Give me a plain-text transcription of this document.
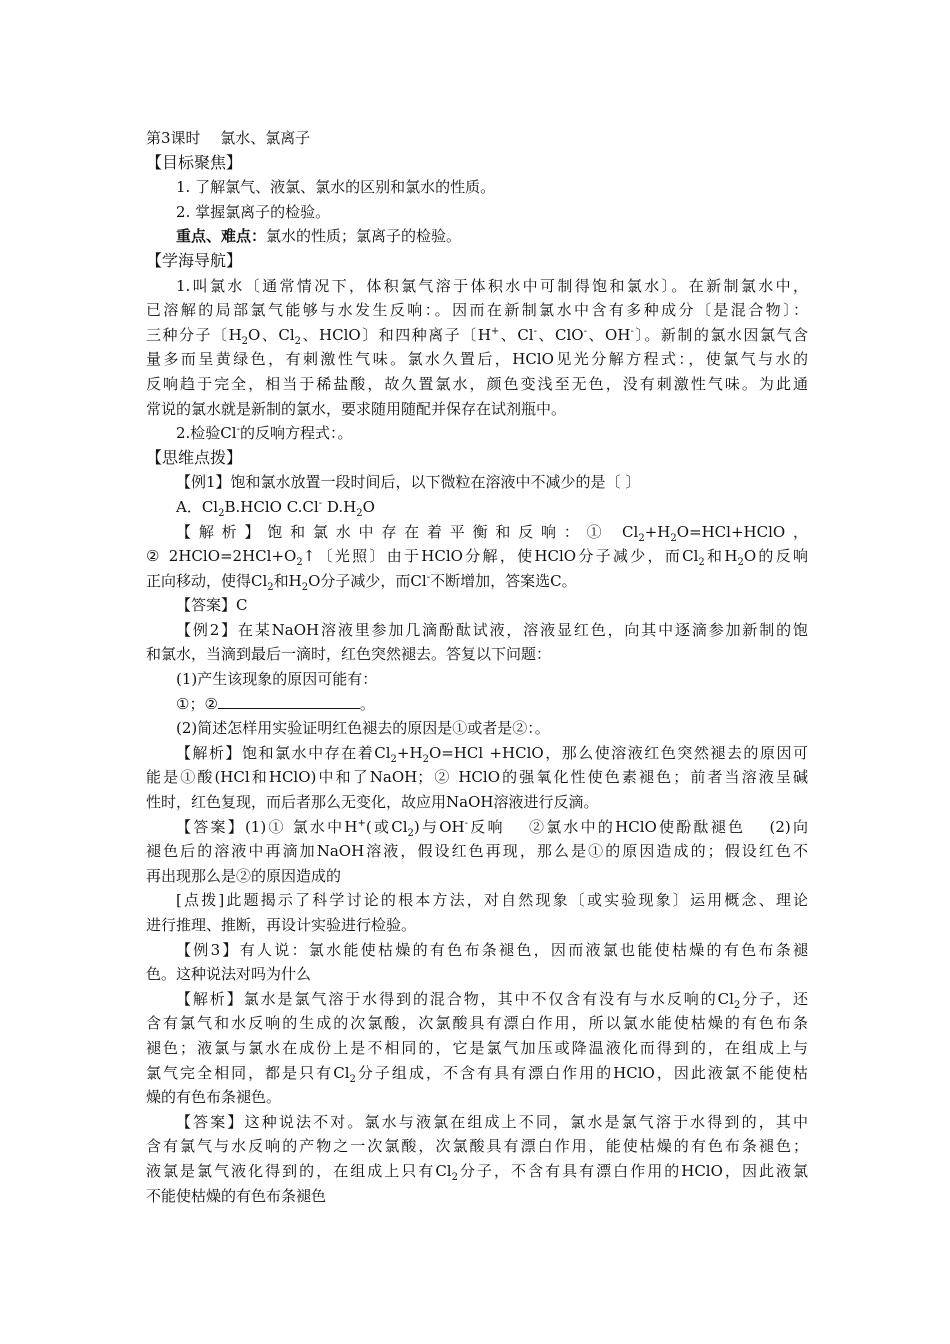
第3课时　 氯水、氯离子
【目标聚焦】
1. 了解氯气、液氯、氯水的区别和氯水的性质。
2. 掌握氯离子的检验。
重点、难点：氯水的性质；氯离子的检验。
【学海导航】
1.叫氯水〔通常情况下，体积氯气溶于体积水中可制得饱和氯水〕。在新制氯水中，
已溶解的局部氯气能够与水发生反响：。因而在新制氯水中含有多种成分〔是混合物〕：
三种分子〔$H_2O$、$Cl_2$、HClO〕和四种离子〔H+、Cl-、ClO-、OH-〕。新制的氯水因氯气含
量多而呈黄绿色，有刺激性气味。氯水久置后，HClO见光分解方程式：，使氯气与水的
反响趋于完全，相当于稀盐酸，故久置氯水，颜色变浅至无色，没有刺激性气味。为此通
常说的氯水就是新制的氯水，要求随用随配并保存在试剂瓶中。
2.检验Cl-的反响方程式：。
【思维点拨】
【例1】饱和氯水放置一段时间后，以下微粒在溶液中不减少的是〔 〕
A．$Cl_2B.HClO$ C.Cl- $D.H_2O$
【解析】饱和氯水中存在着平衡和反响：① $Cl_2+H_2O=HCl+HClO$，
② $2HClO=2HCl+O_2↑$〔光照〕由于HClO分解，使HClO分子减少，而$Cl_2$和$H_2O$的反响
正向移动，使得$Cl_2$和$H_2O$分子减少，而Cl-不断增加，答案选C。
【答案】C
【例2】在某NaOH溶液里参加几滴酚酞试液，溶液显红色，向其中逐滴参加新制的饱
和氯水，当滴到最后一滴时，红色突然褪去。答复以下问题：
(1)产生该现象的原因可能有：
①；②	。
(2)简述怎样用实验证明红色褪去的原因是①或者是②：。
【解析】饱和氯水中存在着$Cl_2+H_2O=HCl$ +HClO，那么使溶液红色突然褪去的原因可
能是①酸(HCl和HClO)中和了NaOH；② HClO的强氧化性使色素褪色；前者当溶液呈碱
性时，红色复现，而后者那么无变化，故应用NaOH溶液进行反滴。
【答案】(1)① 氯水中H+(或$Cl_2$)与OH-反响　 ②氯水中的HClO使酚酞褪色　 (2)向
褪色后的溶液中再滴加NaOH溶液，假设红色再现，那么是①的原因造成的；假设红色不
再出现那么是②的原因造成的
[点拨]此题揭示了科学讨论的根本方法，对自然现象〔或实验现象〕运用概念、理论
进行推理、推断，再设计实验进行检验。
【例3】有人说：氯水能使枯燥的有色布条褪色，因而液氯也能使枯燥的有色布条褪
色。这种说法对吗为什么
【解析】氯水是氯气溶于水得到的混合物，其中不仅含有没有与水反响的$Cl_2$分子，还
含有氯气和水反响的生成的次氯酸，次氯酸具有漂白作用，所以氯水能使枯燥的有色布条
褪色；液氯与氯水在成份上是不相同的，它是氯气加压或降温液化而得到的，在组成上与
氯气完全相同，都是只有$Cl_2$分子组成，不含有具有漂白作用的HClO，因此液氯不能使枯
燥的有色布条褪色。
【答案】这种说法不对。氯水与液氯在组成上不同，氯水是氯气溶于水得到的，其中
含有氯气与水反响的产物之一次氯酸，次氯酸具有漂白作用，能使枯燥的有色布条褪色；
液氯是氯气液化得到的，在组成上只有$Cl_2$分子，不含有具有漂白作用的HClO，因此液氯
不能使枯燥的有色布条褪色
